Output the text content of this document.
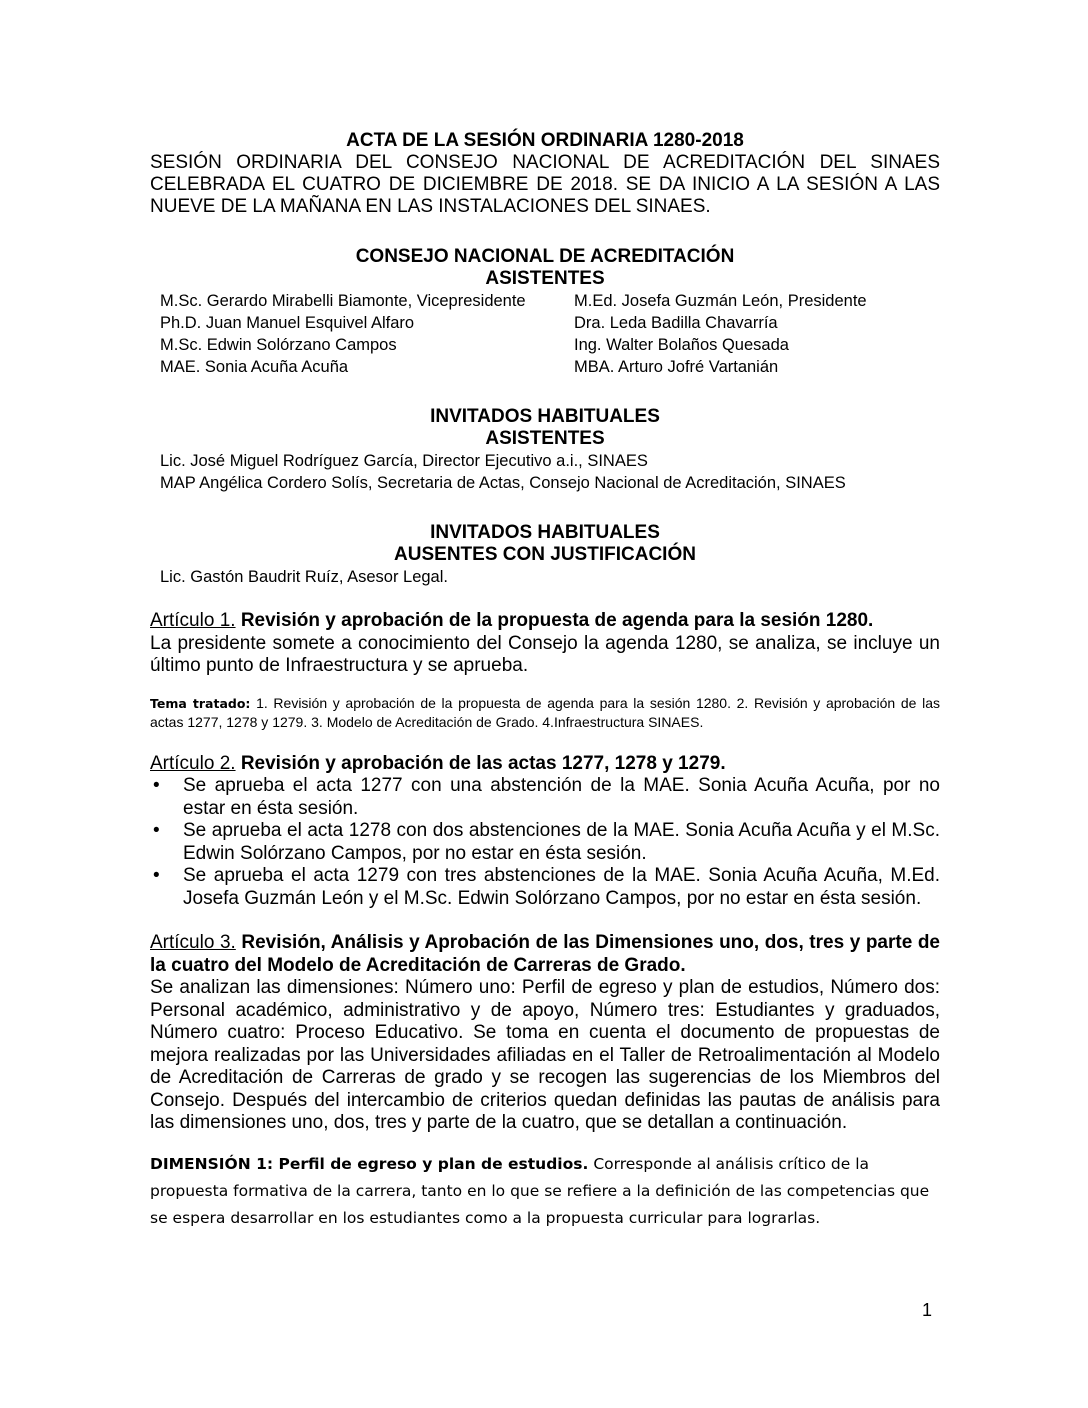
ACTA DE LA SESIÓN ORDINARIA 1280-2018
SESIÓN ORDINARIA DEL CONSEJO NACIONAL DE ACREDITACIÓN DEL SINAES CELEBRADA EL CUATRO DE DICIEMBRE DE 2018. SE DA INICIO A LA SESIÓN A LAS NUEVE DE LA MAÑANA EN LAS INSTALACIONES DEL SINAES.
CONSEJO NACIONAL DE ACREDITACIÓN
ASISTENTES
M.Sc. Gerardo Mirabelli Biamonte, Vicepresidente	M.Ed. Josefa Guzmán León, Presidente
Ph.D. Juan Manuel Esquivel Alfaro	Dra. Leda Badilla Chavarría
M.Sc. Edwin Solórzano Campos	Ing. Walter Bolaños Quesada
MAE. Sonia Acuña Acuña	MBA. Arturo Jofré Vartanián
INVITADOS HABITUALES
ASISTENTES
Lic. José Miguel Rodríguez García, Director Ejecutivo a.i., SINAES
MAP Angélica Cordero Solís, Secretaria de Actas, Consejo Nacional de Acreditación, SINAES
INVITADOS HABITUALES
AUSENTES CON JUSTIFICACIÓN
Lic. Gastón Baudrit Ruíz, Asesor Legal.
Artículo 1. Revisión y aprobación de la propuesta de agenda para la sesión 1280.
La presidente somete a conocimiento del Consejo la agenda 1280, se analiza, se incluye un último punto de Infraestructura y se aprueba.
Tema tratado: 1. Revisión y aprobación de la propuesta de agenda para la sesión 1280. 2. Revisión y aprobación de las actas 1277, 1278 y 1279. 3. Modelo de Acreditación de Grado. 4.Infraestructura SINAES.
Artículo 2. Revisión y aprobación de las actas 1277, 1278 y 1279.
• Se aprueba el acta 1277 con una abstención de la MAE. Sonia Acuña Acuña, por no estar en ésta sesión.
• Se aprueba el acta 1278 con dos abstenciones de la MAE. Sonia Acuña Acuña y el M.Sc. Edwin Solórzano Campos, por no estar en ésta sesión.
• Se aprueba el acta 1279 con tres abstenciones de la MAE. Sonia Acuña Acuña, M.Ed. Josefa Guzmán León y el M.Sc. Edwin Solórzano Campos, por no estar en ésta sesión.
Artículo 3. Revisión, Análisis y Aprobación de las Dimensiones uno, dos, tres y parte de la cuatro del Modelo de Acreditación de Carreras de Grado.
Se analizan las dimensiones: Número uno: Perfil de egreso y plan de estudios, Número dos: Personal académico, administrativo y de apoyo, Número tres: Estudiantes y graduados, Número cuatro: Proceso Educativo. Se toma en cuenta el documento de propuestas de mejora realizadas por las Universidades afiliadas en el Taller de Retroalimentación al Modelo de Acreditación de Carreras de grado y se recogen las sugerencias de los Miembros del Consejo. Después del intercambio de criterios quedan definidas las pautas de análisis para las dimensiones uno, dos, tres y parte de la cuatro, que se detallan a continuación.
DIMENSIÓN 1: Perfil de egreso y plan de estudios. Corresponde al análisis crítico de la propuesta formativa de la carrera, tanto en lo que se refiere a la definición de las competencias que se espera desarrollar en los estudiantes como a la propuesta curricular para lograrlas.
1
